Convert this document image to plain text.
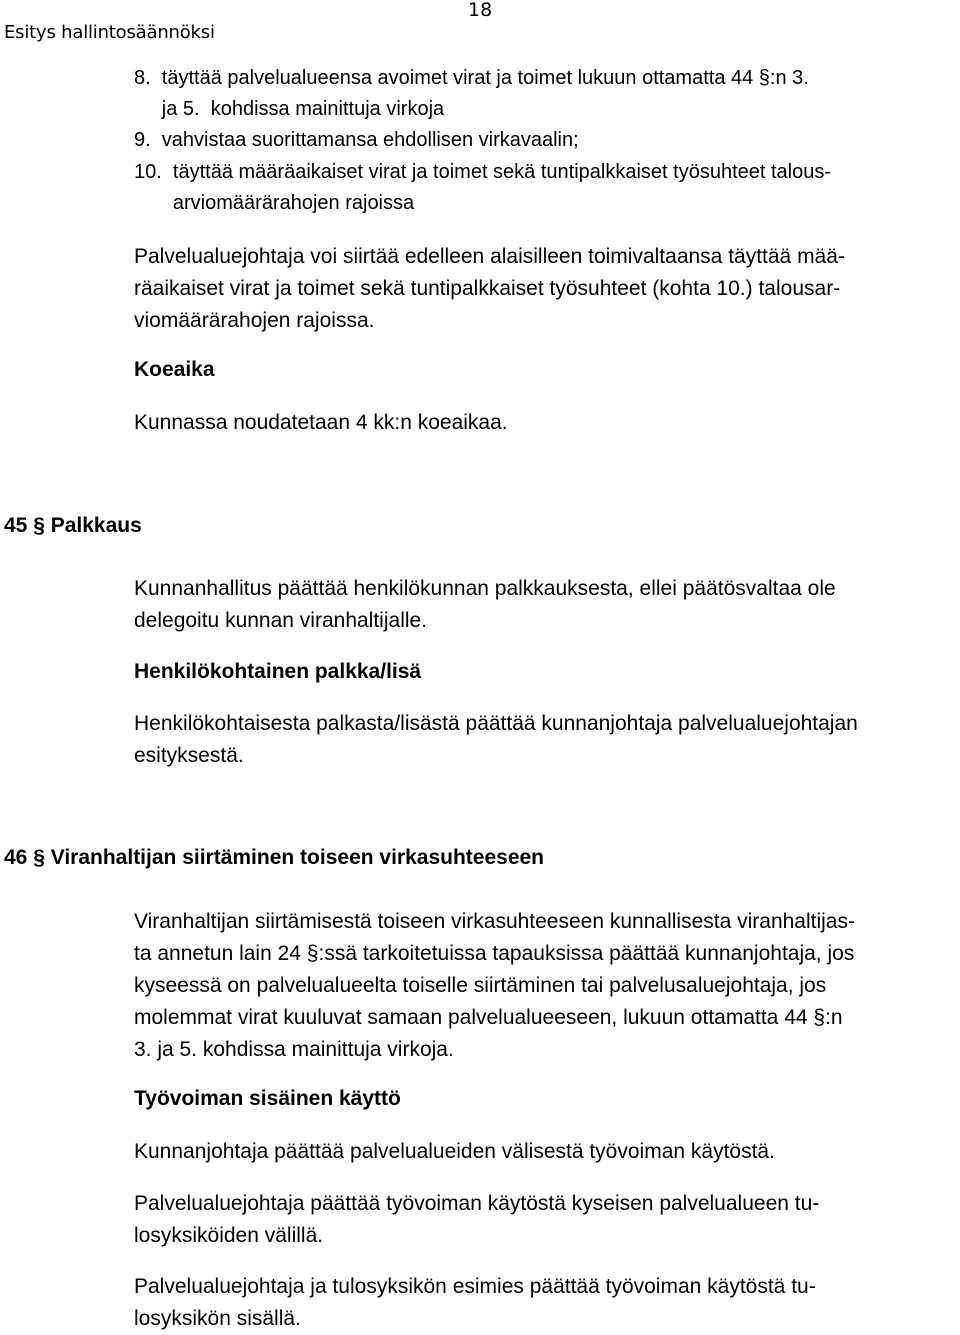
Esitys hallintosäännöksi
18
8.  täyttää palvelualueensa avoimet virat ja toimet lukuun ottamatta 44 §:n 3.
ja 5.  kohdissa mainittuja virkoja
9.  vahvistaa suorittamansa ehdollisen virkavaalin;
10.  täyttää määräaikaiset virat ja toimet sekä tuntipalkkaiset työsuhteet talous-
arviomäärärahojen rajoissa
Palvelualuejohtaja voi siirtää edelleen alaisilleen toimivaltaansa täyttää mää-
räaikaiset virat ja toimet sekä tuntipalkkaiset työsuhteet (kohta 10.) talousar-
viomäärärahojen rajoissa.
Koeaika
Kunnassa noudatetaan 4 kk:n koeaikaa.
45 § Palkkaus
Kunnanhallitus päättää henkilökunnan palkkauksesta, ellei päätösvaltaa ole
delegoitu kunnan viranhaltijalle.
Henkilökohtainen palkka/lisä
Henkilökohtaisesta palkasta/lisästä päättää kunnanjohtaja palvelualuejohtajan
esityksestä.
46 § Viranhaltijan siirtäminen toiseen virkasuhteeseen
Viranhaltijan siirtämisestä toiseen virkasuhteeseen kunnallisesta viranhaltijas-
ta annetun lain 24 §:ssä tarkoitetuissa tapauksissa päättää kunnanjohtaja, jos
kyseessä on palvelualueelta toiselle siirtäminen tai palvelusaluejohtaja, jos
molemmat virat kuuluvat samaan palvelualueeseen, lukuun ottamatta 44 §:n
3. ja 5. kohdissa mainittuja virkoja.
Työvoiman sisäinen käyttö
Kunnanjohtaja päättää palvelualueiden välisestä työvoiman käytöstä.
Palvelualuejohtaja päättää työvoiman käytöstä kyseisen palvelualueen tu-
losyksiköiden välillä.
Palvelualuejohtaja ja tulosyksikön esimies päättää työvoiman käytöstä tu-
losyksikön sisällä.
